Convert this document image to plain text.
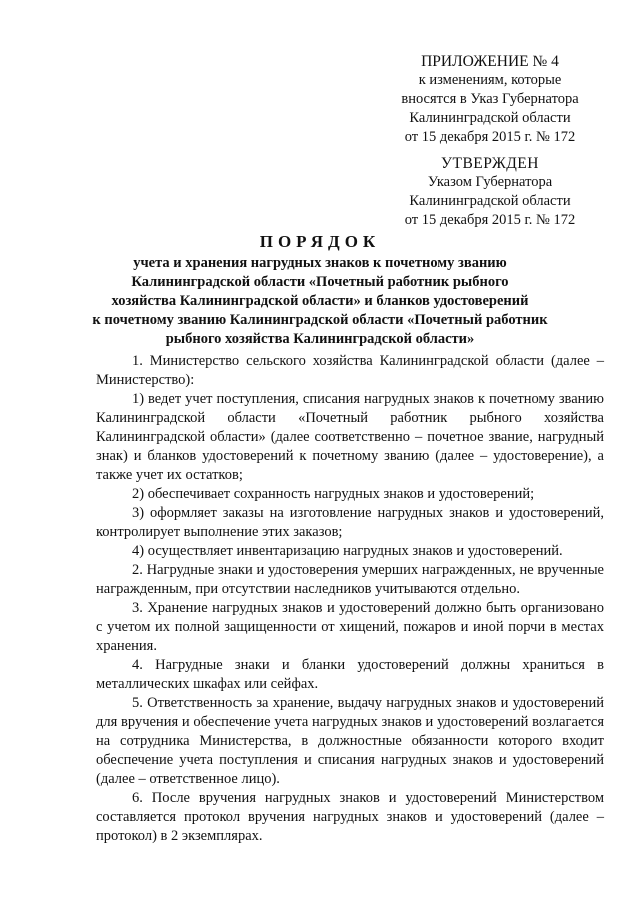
ПРИЛОЖЕНИЕ № 4
к изменениям, которые
вносятся в Указ Губернатора
Калининградской области
от 15 декабря 2015 г. № 172
УТВЕРЖДЕН
Указом Губернатора
Калининградской области
от 15 декабря 2015 г. № 172
ПОРЯДОК
учета и хранения нагрудных знаков к почетному званию
Калининградской области «Почетный работник рыбного
хозяйства Калининградской области» и бланков удостоверений
к почетному званию Калининградской области «Почетный работник
рыбного хозяйства Калининградской области»

1. Министерство сельского хозяйства Калининградской области (далее – Министерство):

1) ведет учет поступления, списания нагрудных знаков к почетному званию Калининградской области «Почетный работник рыбного хозяйства Калининградской области» (далее соответственно – почетное звание, нагрудный знак) и бланков удостоверений к почетному званию (далее – удостоверение), а также учет их остатков;

2) обеспечивает сохранность нагрудных знаков и удостоверений;

3) оформляет заказы на изготовление нагрудных знаков и удостоверений, контролирует выполнение этих заказов;

4) осуществляет инвентаризацию нагрудных знаков и удостоверений.

2. Нагрудные знаки и удостоверения умерших награжденных, не врученные награжденным, при отсутствии наследников учитываются отдельно.

3. Хранение нагрудных знаков и удостоверений должно быть организовано с учетом их полной защищенности от хищений, пожаров и иной порчи в местах хранения.

4. Нагрудные знаки и бланки удостоверений должны храниться в металлических шкафах или сейфах.

5. Ответственность за хранение, выдачу нагрудных знаков и удостоверений для вручения и обеспечение учета нагрудных знаков и удостоверений возлагается на сотрудника Министерства, в должностные обязанности которого входит обеспечение учета поступления и списания нагрудных знаков и удостоверений (далее – ответственное лицо).

6. После вручения нагрудных знаков и удостоверений Министерством составляется протокол вручения нагрудных знаков и удостоверений (далее – протокол) в 2 экземплярах.
